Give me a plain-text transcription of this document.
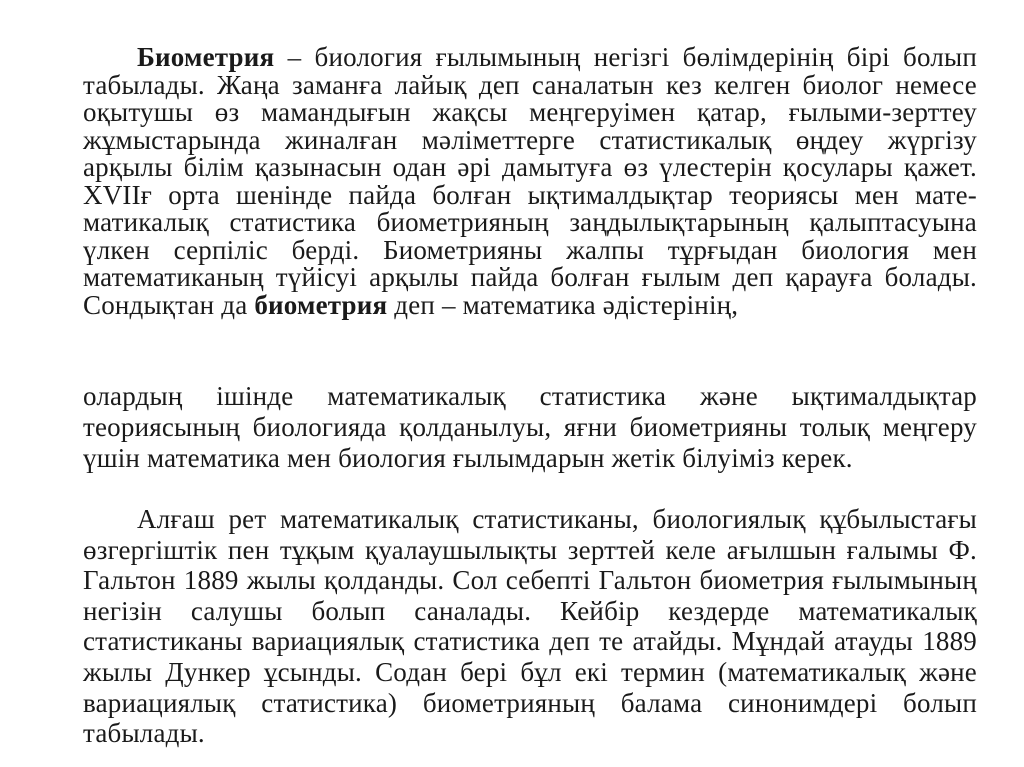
Биометрия – биология ғылымының негізгі бөлімдерінің бірі болып табылады. Жаңа заманға лайық деп саналатын кез келген биолог немесе оқытушы өз мамандығын жақсы меңгеруімен қатар, ғылыми-зерттеу жұмыстарында жиналған мәліметтерге статистикалық өңдеу жүргізу арқылы білім қазынасын одан әрі дамытуға өз үлестерін қосулары қажет. XVIIғ орта шенінде пайда болған ықтималдықтар теориясы мен мате-матикалық статистика биометрияның заңдылықтарының қалыптасуына үлкен серпіліс берді. Биометрияны жалпы тұрғыдан биология мен математиканың түйісуі арқылы пайда болған ғылым деп қарауға болады. Сондықтан да биометрия деп – математика әдістерінің,

олардың ішінде математикалық статистика және ықтималдықтар теориясының биологияда қолданылуы, яғни биометрияны толық меңгеру үшін математика мен биология ғылымдарын жетік білуіміз керек.

Алғаш рет математикалық статистиканы, биологиялық құбылыстағы өзгергіштік пен тұқым қуалаушылықты зерттей келе ағылшын ғалымы Ф. Гальтон 1889 жылы қолданды. Сол себепті Гальтон биометрия ғылымының негізін салушы болып саналады. Кейбір кездерде математикалық статистиканы вариациялық статистика деп те атайды. Мұндай атауды 1889 жылы Дункер ұсынды. Содан бері бұл екі термин (математикалық және вариациялық статистика) биометрияның балама синонимдері болып табылады.
